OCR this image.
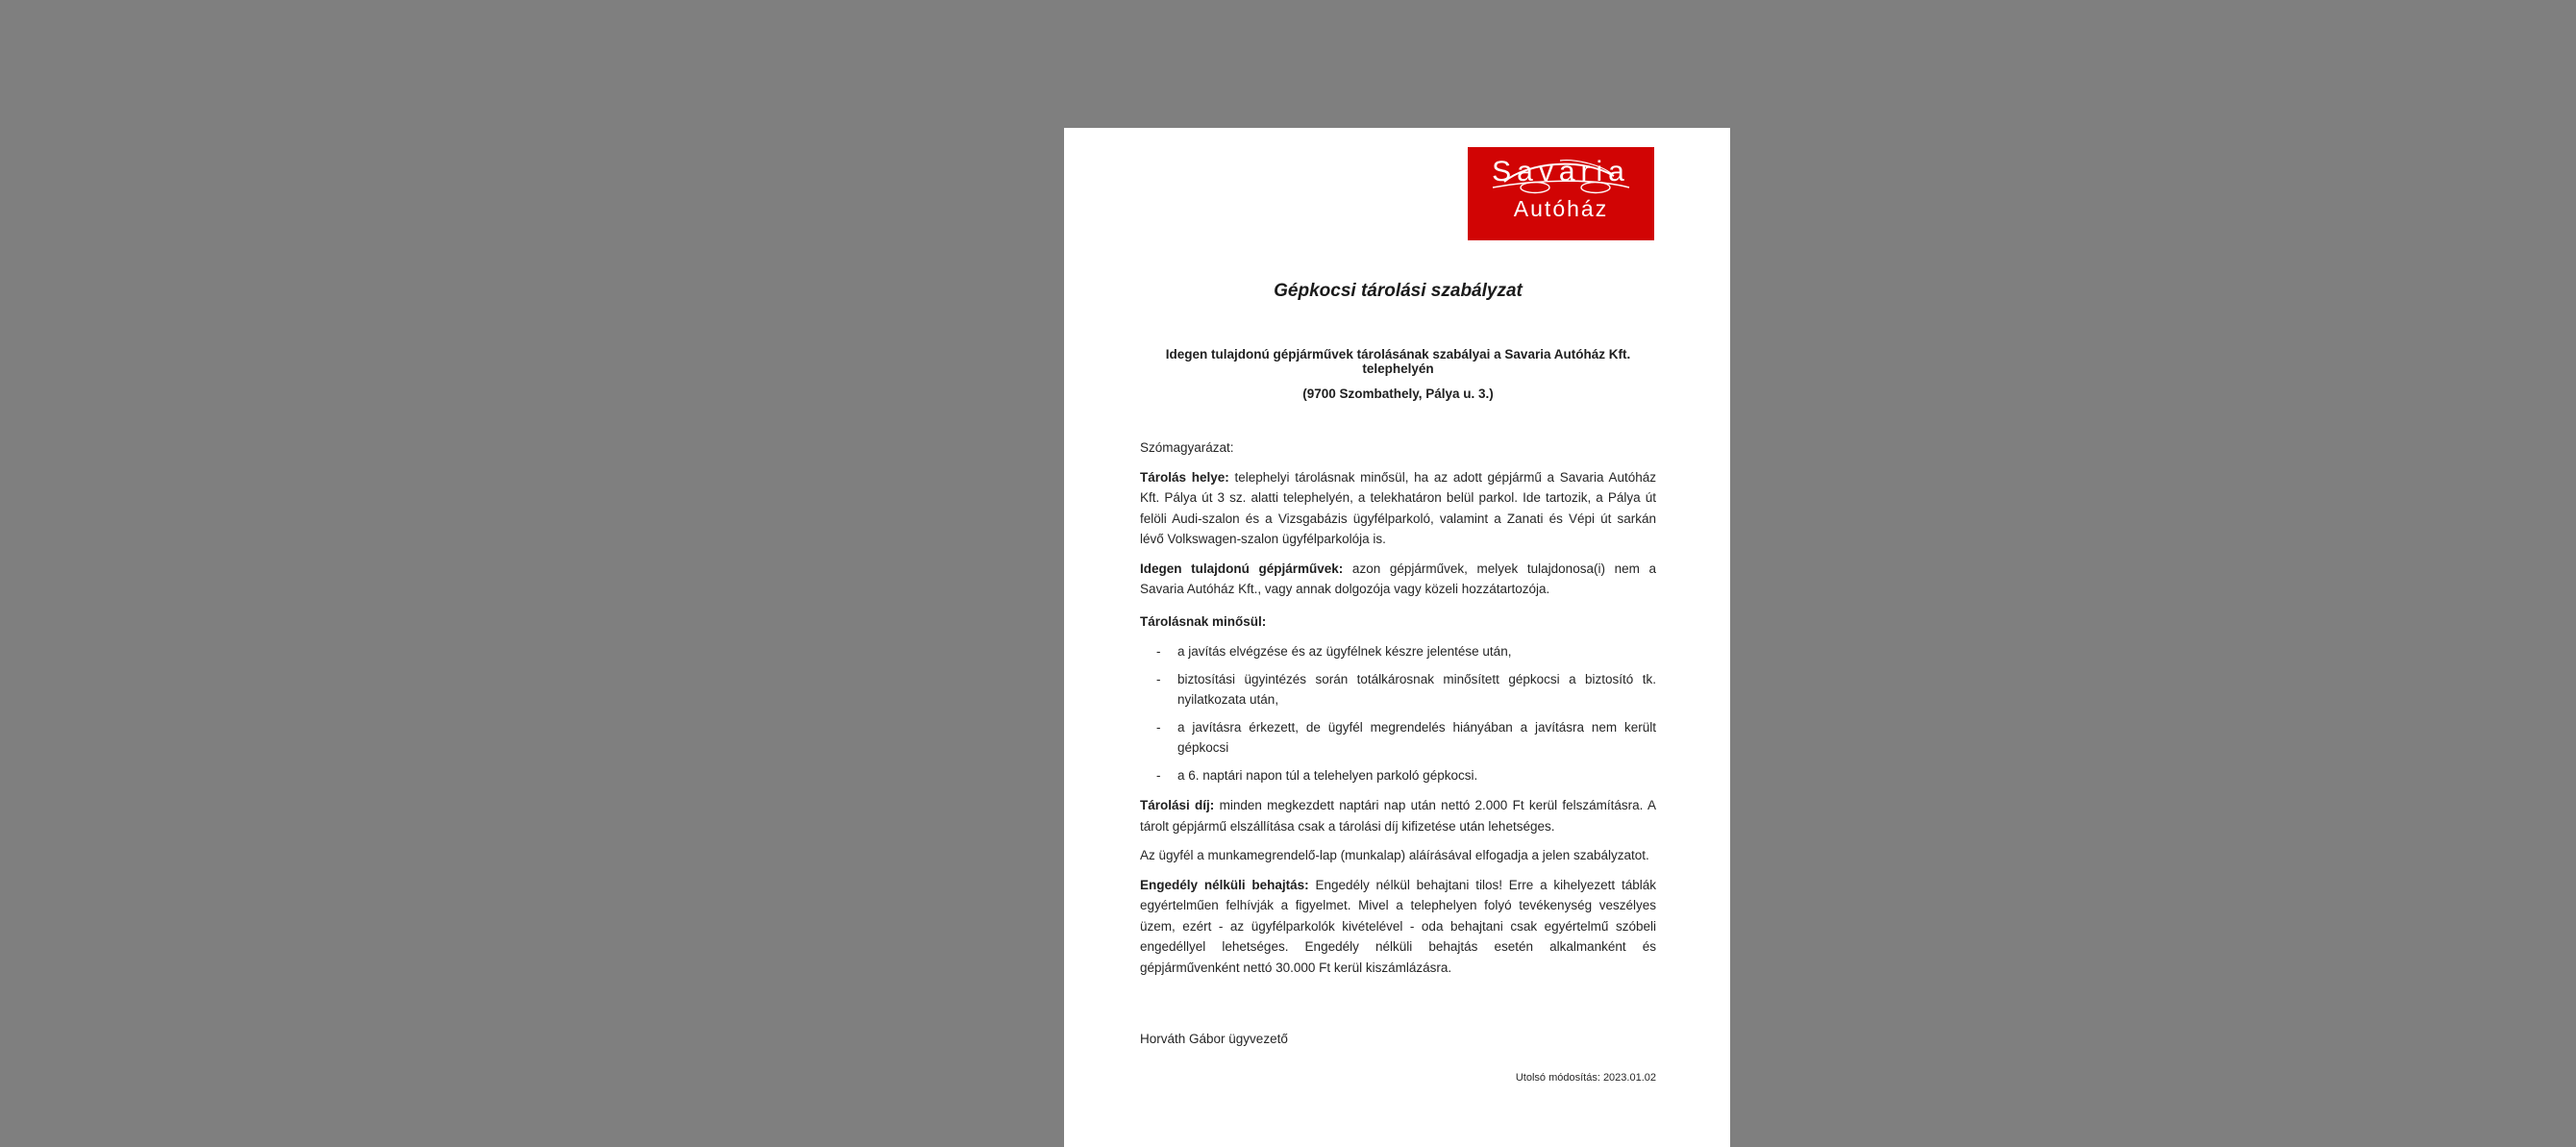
Savaria
Autóház
Gépkocsi tárolási szabályzat
Idegen tulajdonú gépjárművek tárolásának szabályai a Savaria Autóház Kft. telephelyén
(9700 Szombathely, Pálya u. 3.)
Szómagyarázat:

Tárolás helye: telephelyi tárolásnak minősül, ha az adott gépjármű a Savaria Autóház Kft. Pálya út 3 sz. alatti telephelyén, a telekhatáron belül parkol. Ide tartozik, a Pálya út felöli Audi-szalon és a Vizsgabázis ügyfélparkoló, valamint a Zanati és Vépi út sarkán lévő Volkswagen-szalon ügyfélparkolója is.

Idegen tulajdonú gépjárművek: azon gépjárművek, melyek tulajdonosa(i) nem a Savaria Autóház Kft., vagy annak dolgozója vagy közeli hozzátartozója.

Tárolásnak minősül:
-	a javítás elvégzése és az ügyfélnek készre jelentése után,
-	biztosítási ügyintézés során totálkárosnak minősített gépkocsi a biztosító tk. nyilatkozata után,
-	a javításra érkezett, de ügyfél megrendelés hiányában a javításra nem került gépkocsi
-	a 6. naptári napon túl a telehelyen parkoló gépkocsi.

Tárolási díj: minden megkezdett naptári nap után nettó 2.000 Ft kerül felszámításra. A tárolt gépjármű elszállítása csak a tárolási díj kifizetése után lehetséges.

Az ügyfél a munkamegrendelő-lap (munkalap) aláírásával elfogadja a jelen szabályzatot.

Engedély nélküli behajtás: Engedély nélkül behajtani tilos! Erre a kihelyezett táblák egyértelműen felhívják a figyelmet. Mivel a telephelyen folyó tevékenység veszélyes üzem, ezért - az ügyfélparkolók kivételével - oda behajtani csak egyértelmű szóbeli engedéllyel lehetséges. Engedély nélküli behajtás esetén alkalmanként és gépjárművenként nettó 30.000 Ft kerül kiszámlázásra.

Horváth Gábor ügyvezető
Utolsó módosítás: 2023.01.02
